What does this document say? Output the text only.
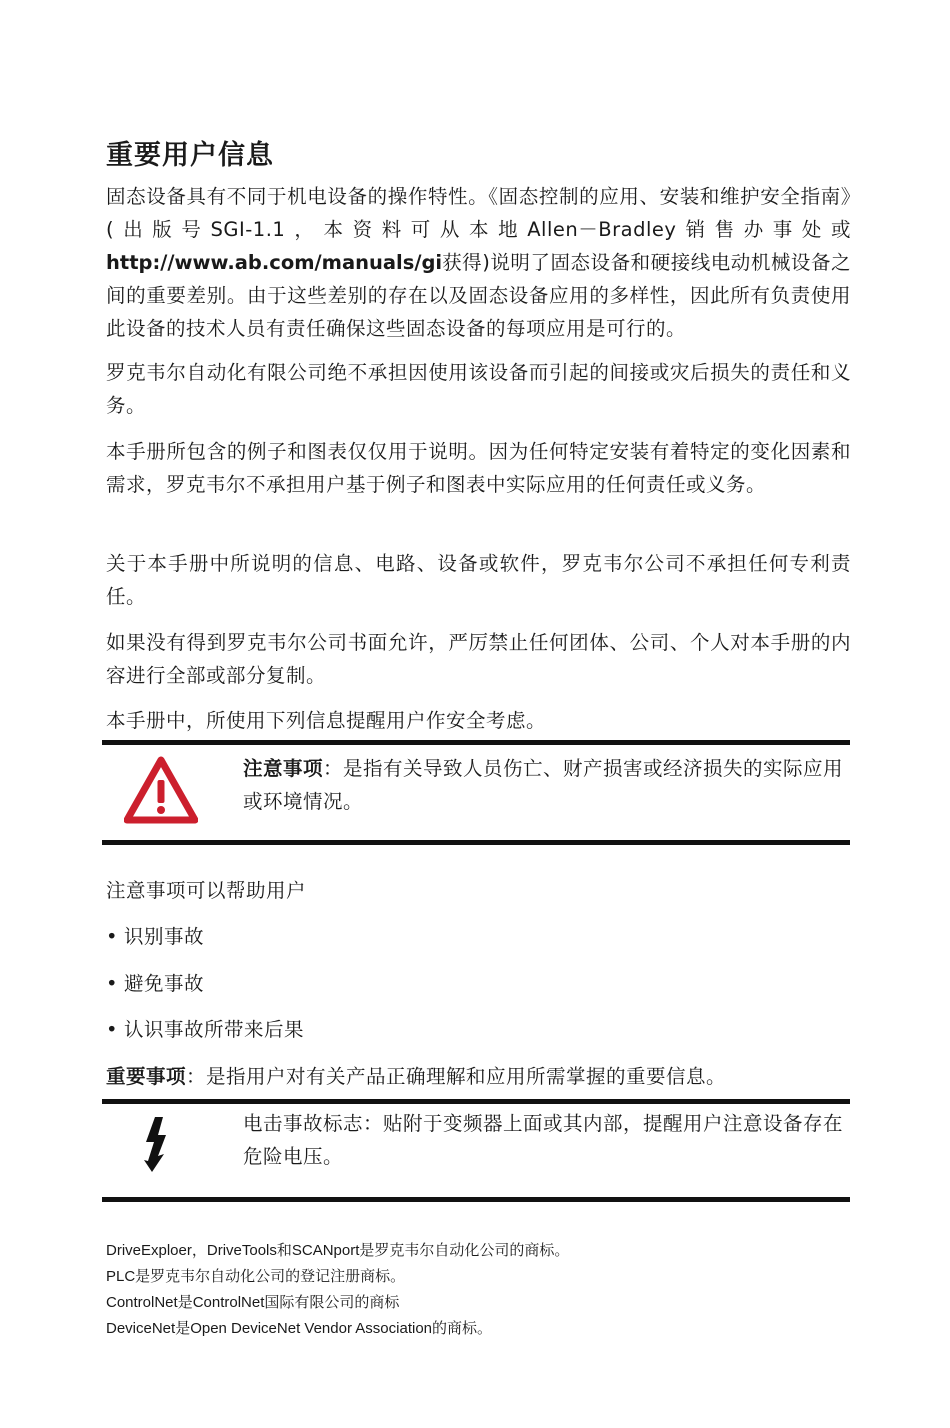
重要用户信息
固态设备具有不同于机电设备的操作特性。《固态控制的应用、安装和维护安全指南》(出版号SGI-1.1，本资料可从本地Allen－Bradley销售办事处或http://www.ab.com/manuals/gi获得)说明了固态设备和硬接线电动机械设备之间的重要差别。由于这些差别的存在以及固态设备应用的多样性，因此所有负责使用此设备的技术人员有责任确保这些固态设备的每项应用是可行的。
罗克韦尔自动化有限公司绝不承担因使用该设备而引起的间接或灾后损失的责任和义务。
本手册所包含的例子和图表仅仅用于说明。因为任何特定安装有着特定的变化因素和需求，罗克韦尔不承担用户基于例子和图表中实际应用的任何责任或义务。
关于本手册中所说明的信息、电路、设备或软件，罗克韦尔公司不承担任何专利责任。
如果没有得到罗克韦尔公司书面允许，严厉禁止任何团体、公司、个人对本手册的内容进行全部或部分复制。
本手册中，所使用下列信息提醒用户作安全考虑。
注意事项：是指有关导致人员伤亡、财产损害或经济损失的实际应用或环境情况。
注意事项可以帮助用户
• 识别事故
• 避免事故
• 认识事故所带来后果
重要事项：是指用户对有关产品正确理解和应用所需掌握的重要信息。
电击事故标志：贴附于变频器上面或其内部，提醒用户注意设备存在危险电压。
DriveExploer，DriveTools和SCANport是罗克韦尔自动化公司的商标。
PLC是罗克韦尔自动化公司的登记注册商标。
ControlNet是ControlNet国际有限公司的商标
DeviceNet是Open DeviceNet Vendor Association的商标。
